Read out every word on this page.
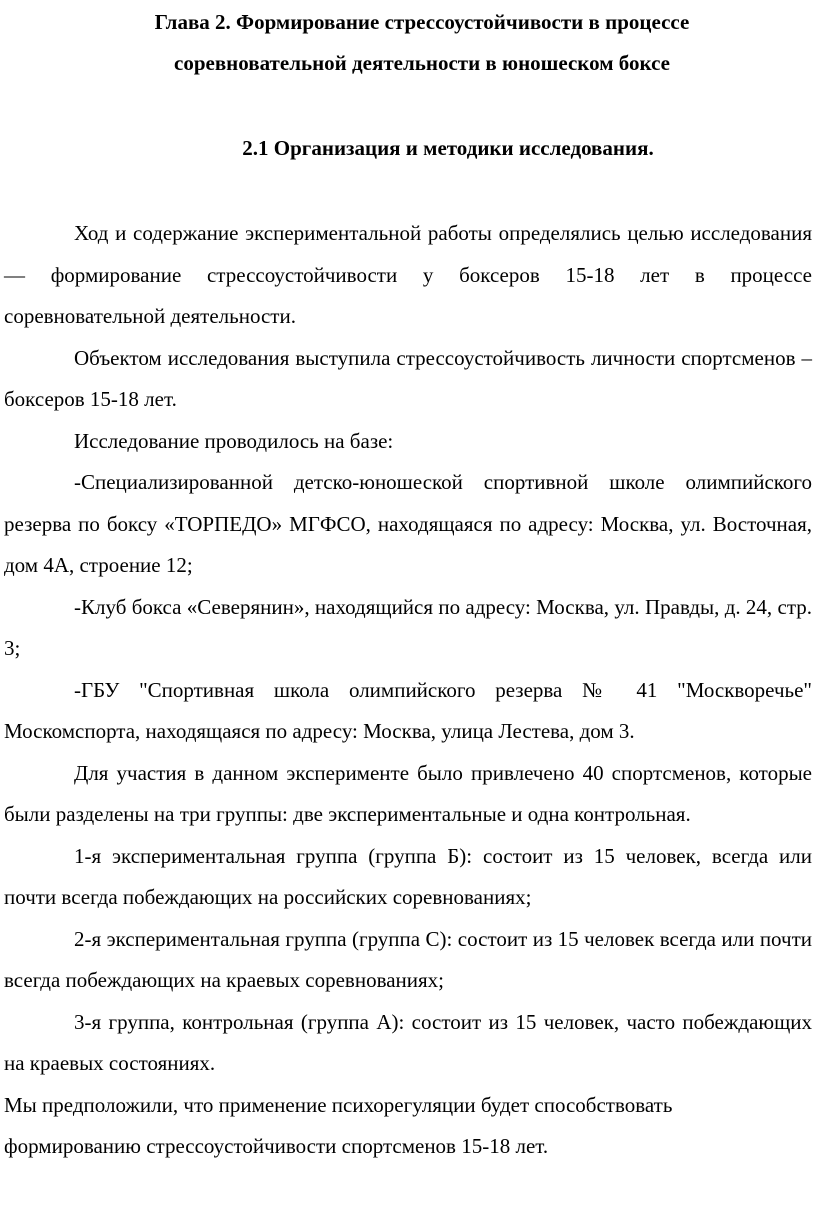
Глава 2. Формирование стрессоустойчивости в процессе
соревновательной деятельности в юношеском боксе
2.1 Организация и методики исследования.

Ход и содержание экспериментальной работы определялись целью исследования — формирование стрессоустойчивости у боксеров 15-18 лет в процессе соревновательной деятельности.

Объектом исследования выступила стрессоустойчивость личности спортсменов – боксеров 15-18 лет.

Исследование проводилось на базе:

-Специализированной детско-юношеской спортивной школе олимпийского резерва по боксу «ТОРПЕДО» МГФСО, находящаяся по адресу: Москва, ул. Восточная, дом 4А, строение 12;

-Клуб бокса «Северянин», находящийся по адресу: Москва, ул. Правды, д. 24, стр. 3;

-ГБУ "Спортивная школа олимпийского резерва № 41 "Москворечье" Москомспорта, находящаяся по адресу: Москва, улица Лестева, дом 3.

Для участия в данном эксперименте было привлечено 40 спортсменов, которые были разделены на три группы: две экспериментальные и одна контрольная.

1-я экспериментальная группа (группа Б): состоит из 15 человек, всегда или почти всегда побеждающих на российских соревнованиях;

2-я экспериментальная группа (группа С): состоит из 15 человек всегда или почти всегда побеждающих на краевых соревнованиях;

3-я группа, контрольная (группа А): состоит из 15 человек, часто побеждающих на краевых состояниях.

Мы предположили, что применение психорегуляции будет способствовать формированию стрессоустойчивости спортсменов 15-18 лет.
